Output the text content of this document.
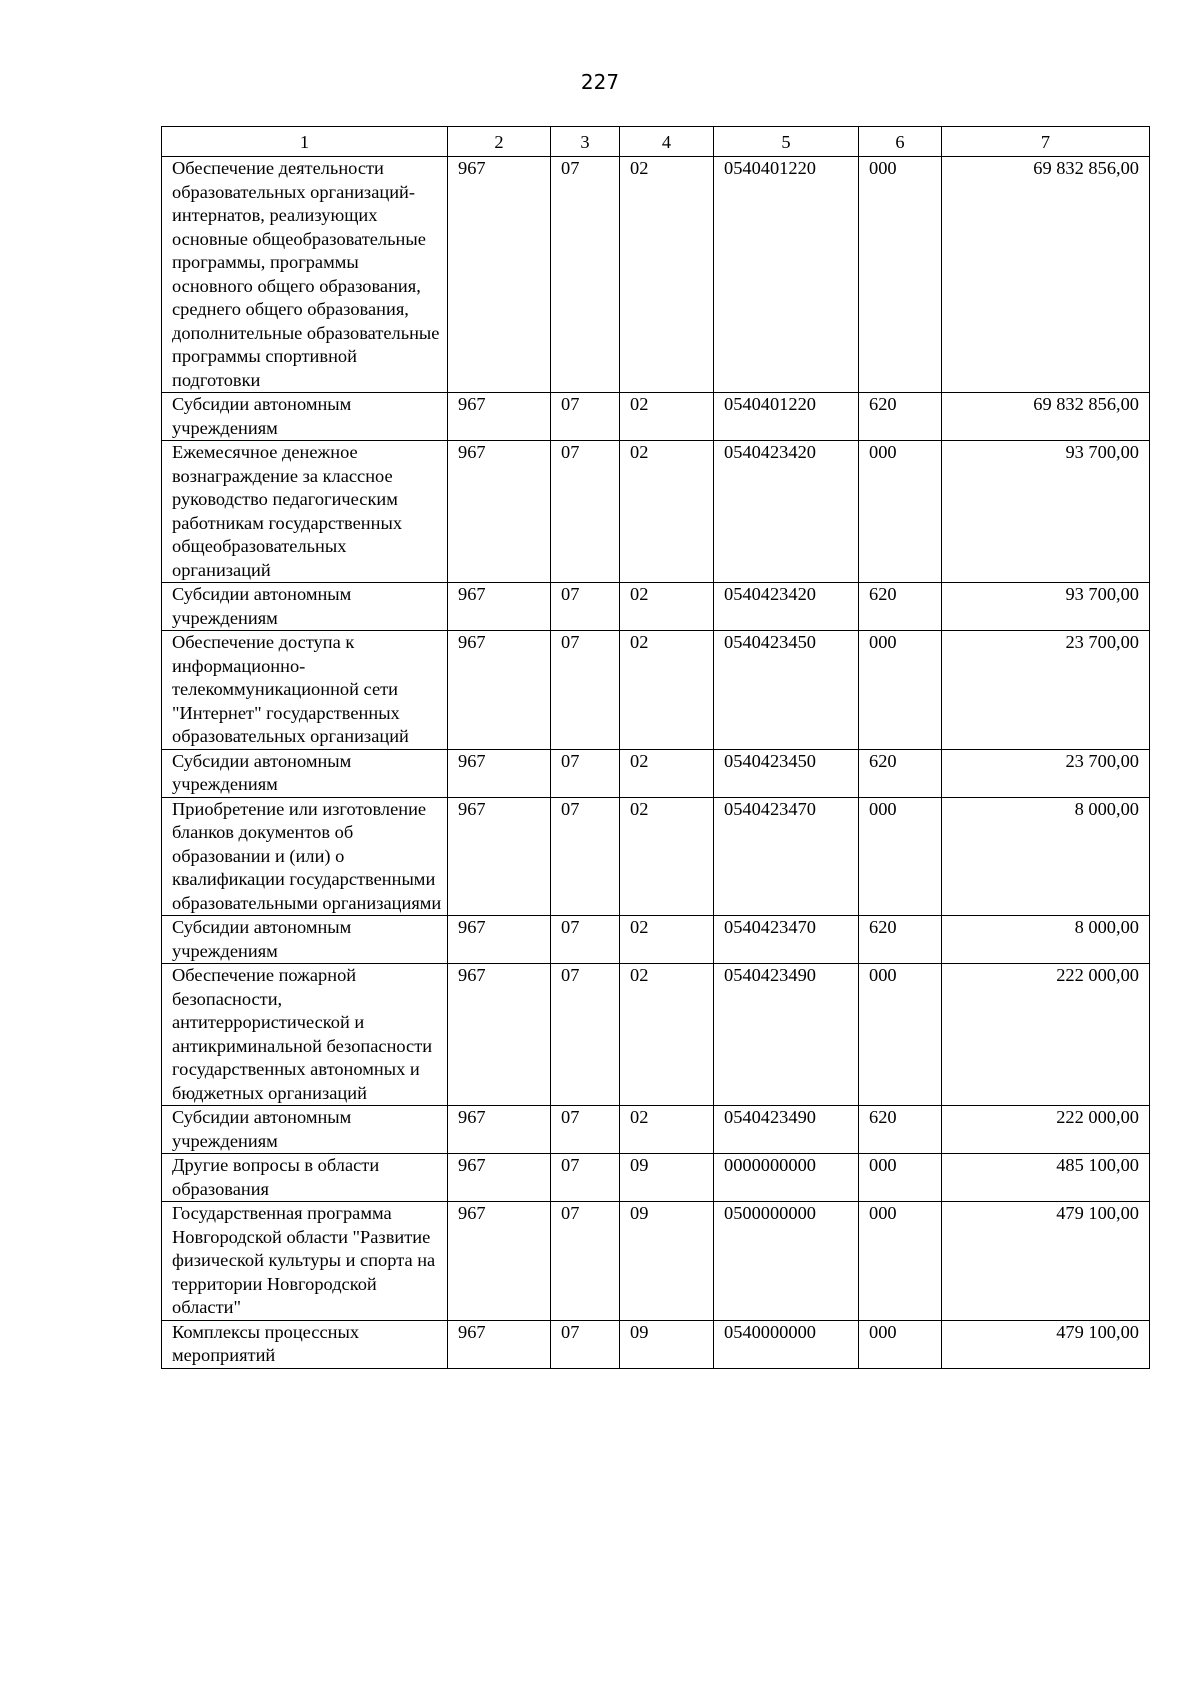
227
1	2	3	4	5	6	7
Обеспечение деятельности образовательных организаций-интернатов, реализующих основные общеобразовательные программы, программы основного общего образования, среднего общего образования, дополнительные образовательные программы спортивной подготовки	967	07	02	0540401220	000	69 832 856,00
Субсидии автономным учреждениям	967	07	02	0540401220	620	69 832 856,00
Ежемесячное денежное вознаграждение за классное руководство педагогическим работникам государственных общеобразовательных организаций	967	07	02	0540423420	000	93 700,00
Субсидии автономным учреждениям	967	07	02	0540423420	620	93 700,00
Обеспечение доступа к информационно-телекоммуникационной сети "Интернет" государственных образовательных организаций	967	07	02	0540423450	000	23 700,00
Субсидии автономным учреждениям	967	07	02	0540423450	620	23 700,00
Приобретение или изготовление бланков документов об образовании и (или) о квалификации государственными образовательными организациями	967	07	02	0540423470	000	8 000,00
Субсидии автономным учреждениям	967	07	02	0540423470	620	8 000,00
Обеспечение пожарной безопасности, антитеррористической и антикриминальной безопасности государственных автономных и бюджетных организаций	967	07	02	0540423490	000	222 000,00
Субсидии автономным учреждениям	967	07	02	0540423490	620	222 000,00
Другие вопросы в области образования	967	07	09	0000000000	000	485 100,00
Государственная программа Новгородской области "Развитие физической культуры и спорта на территории Новгородской области"	967	07	09	0500000000	000	479 100,00
Комплексы процессных мероприятий	967	07	09	0540000000	000	479 100,00
